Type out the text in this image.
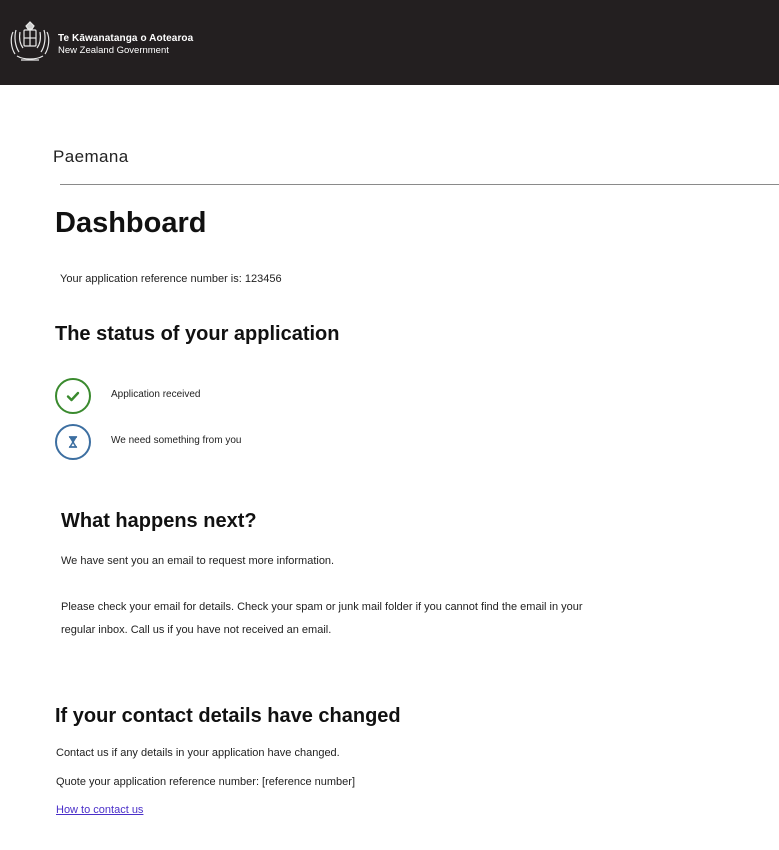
Te Kāwanatanga o Aotearoa
New Zealand Government
Paemana
Dashboard
Your application reference number is: 123456
The status of your application
Application received
We need something from you
What happens next?

We have sent you an email to request more information.

Please check your email for details. Check your spam or junk mail folder if you cannot find the email in your

regular inbox. Call us if you have not received an email.

If your contact details have changed
Contact us if any details in your application have changed.
Quote your application reference number: [reference number]
How to contact us
